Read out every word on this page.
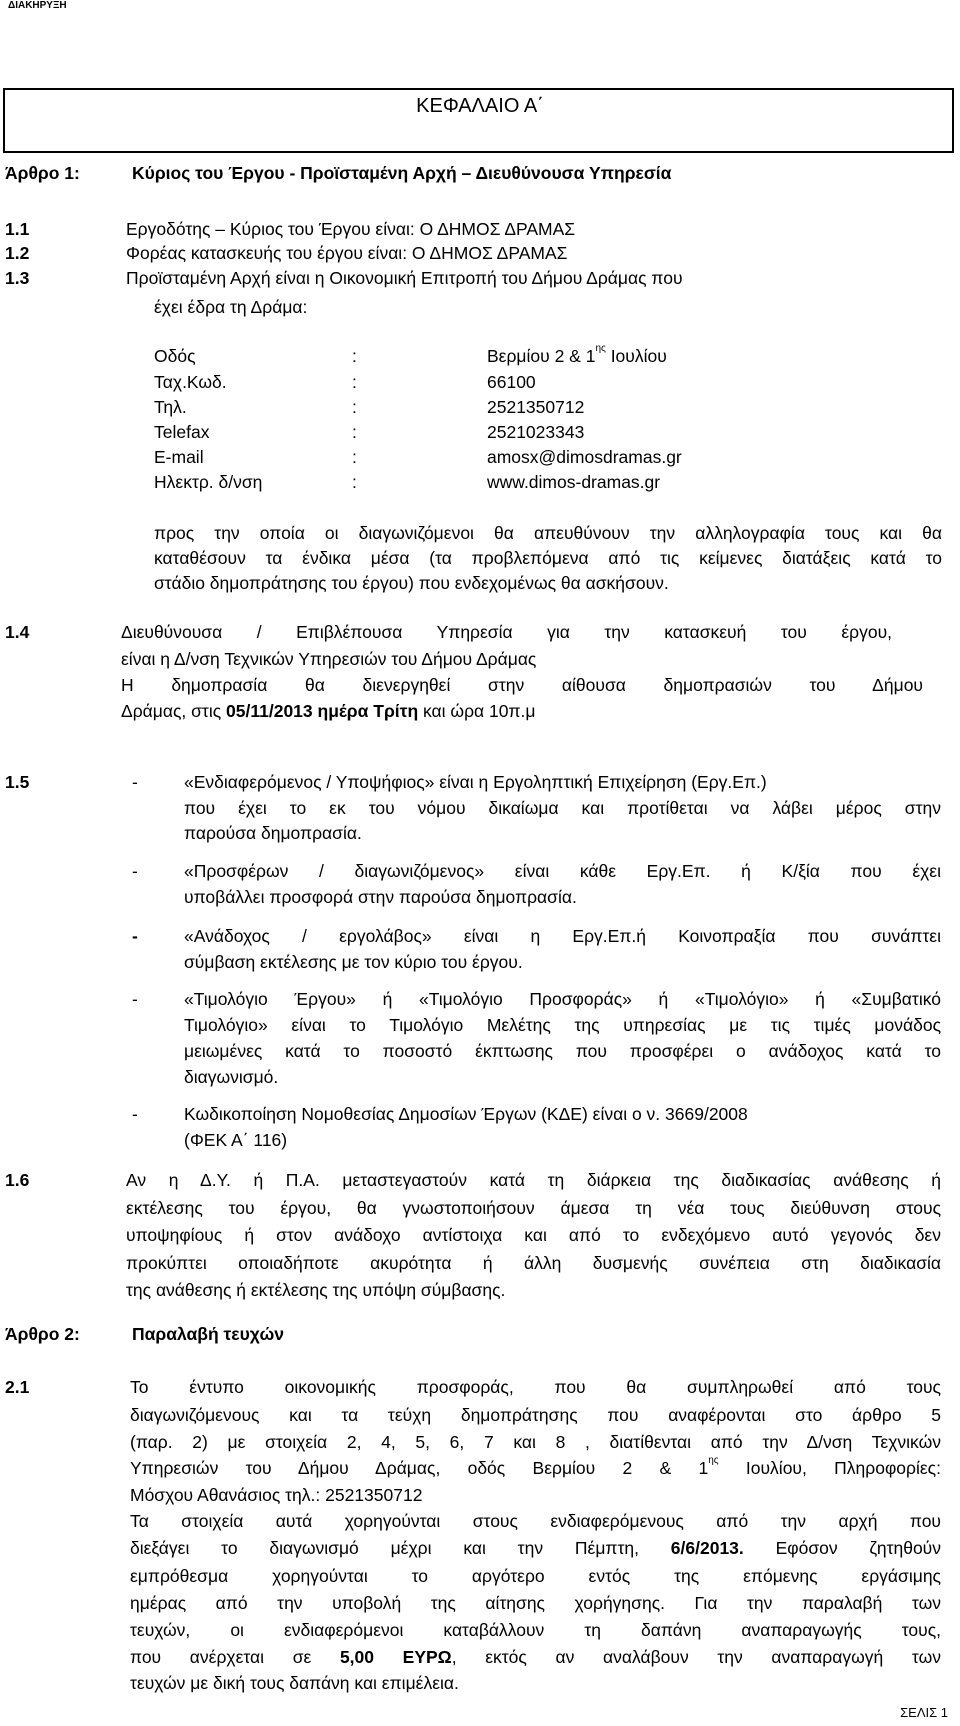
ΔΙΑΚΗΡΥΞΗ
ΚΕΦΑΛΑΙΟ Α΄
Άρθρο 1:	Κύριος του Έργου - Προϊσταμένη Αρχή – Διευθύνουσα Υπηρεσία
1.1	Εργοδότης – Κύριος του Έργου είναι: Ο ΔΗΜΟΣ ΔΡΑΜΑΣ
1.2	Φορέας κατασκευής του έργου είναι: Ο ΔΗΜΟΣ ΔΡΑΜΑΣ
1.3	Προϊσταμένη Αρχή είναι η Οικονομική Επιτροπή του Δήμου Δράμας που
έχει έδρα τη Δράμα:
Οδός	:	Βερμίου 2 & $1^{\eta\varsigma}$ Ιουλίου
Ταχ.Κωδ.	:	66100
Τηλ.	:	2521350712
Telefax	:	2521023343
E-mail	:	amosx@dimosdramas.gr
Ηλεκτρ. δ/νση	:	www.dimos-dramas.gr
προς την οποία οι διαγωνιζόμενοι θα απευθύνουν την αλληλογραφία τους και θα
καταθέσουν τα ένδικα μέσα (τα προβλεπόμενα από τις κείμενες διατάξεις κατά το
στάδιο δημοπράτησης του έργου) που ενδεχομένως θα ασκήσουν.
1.4	Διευθύνουσα / Επιβλέπουσα Υπηρεσία για την κατασκευή του έργου,
είναι η Δ/νση Τεχνικών Υπηρεσιών του Δήμου Δράμας
Η δημοπρασία θα διενεργηθεί στην αίθουσα δημοπρασιών του Δήμου
Δράμας, στις 05/11/2013 ημέρα Τρίτη και ώρα 10π.μ
1.5	-	«Ενδιαφερόμενος / Υποψήφιος» είναι η Εργοληπτική Επιχείρηση (Εργ.Επ.)
που έχει το εκ του νόμου δικαίωμα και προτίθεται να λάβει μέρος στην
παρούσα δημοπρασία.
-	«Προσφέρων / διαγωνιζόμενος» είναι κάθε Εργ.Επ. ή Κ/ξία που έχει
υποβάλλει προσφορά στην παρούσα δημοπρασία.
-	«Ανάδοχος / εργολάβος» είναι η Εργ.Επ.ή Κοινοπραξία που συνάπτει
σύμβαση εκτέλεσης με τον κύριο του έργου.
-	«Τιμολόγιο Έργου» ή «Τιμολόγιο Προσφοράς» ή «Τιμολόγιο» ή «Συμβατικό
Τιμολόγιο» είναι το Τιμολόγιο Μελέτης της υπηρεσίας με τις τιμές μονάδος
μειωμένες κατά το ποσοστό έκπτωσης που προσφέρει ο ανάδοχος κατά το
διαγωνισμό.
-	Κωδικοποίηση Νομοθεσίας Δημοσίων Έργων (ΚΔΕ) είναι ο ν. 3669/2008
(ΦΕΚ Α΄ 116)
1.6	Αν η Δ.Υ. ή Π.Α. μεταστεγαστούν κατά τη διάρκεια της διαδικασίας ανάθεσης ή
εκτέλεσης του έργου, θα γνωστοποιήσουν άμεσα τη νέα τους διεύθυνση στους
υποψηφίους ή στον ανάδοχο αντίστοιχα και από το ενδεχόμενο αυτό γεγονός δεν
προκύπτει οποιαδήποτε ακυρότητα ή άλλη δυσμενής συνέπεια στη διαδικασία
της ανάθεσης ή εκτέλεσης της υπόψη σύμβασης.
Άρθρο 2:	Παραλαβή τευχών
2.1	Το έντυπο οικονομικής προσφοράς, που θα συμπληρωθεί από τους
διαγωνιζόμενους και τα τεύχη δημοπράτησης που αναφέρονται στο άρθρο 5
(παρ. 2) με στοιχεία 2, 4, 5, 6, 7 και 8 , διατίθενται από την Δ/νση Τεχνικών
Υπηρεσιών του Δήμου Δράμας, οδός Βερμίου 2 & $1^{\eta\varsigma}$ Ιουλίου, Πληροφορίες:
Μόσχου Αθανάσιος τηλ.: 2521350712
Τα στοιχεία αυτά χορηγούνται στους ενδιαφερόμενους από την αρχή που
διεξάγει το διαγωνισμό μέχρι και την Πέμπτη, 6/6/2013. Εφόσον ζητηθούν
εμπρόθεσμα χορηγούνται το αργότερο εντός της επόμενης εργάσιμης
ημέρας από την υποβολή της αίτησης χορήγησης. Για την παραλαβή των
τευχών, οι ενδιαφερόμενοι καταβάλλουν τη δαπάνη αναπαραγωγής τους,
που ανέρχεται σε 5,00 ΕΥΡΩ, εκτός αν αναλάβουν την αναπαραγωγή των
τευχών με δική τους δαπάνη και επιμέλεια.
ΣΕΛΙΣ 1
